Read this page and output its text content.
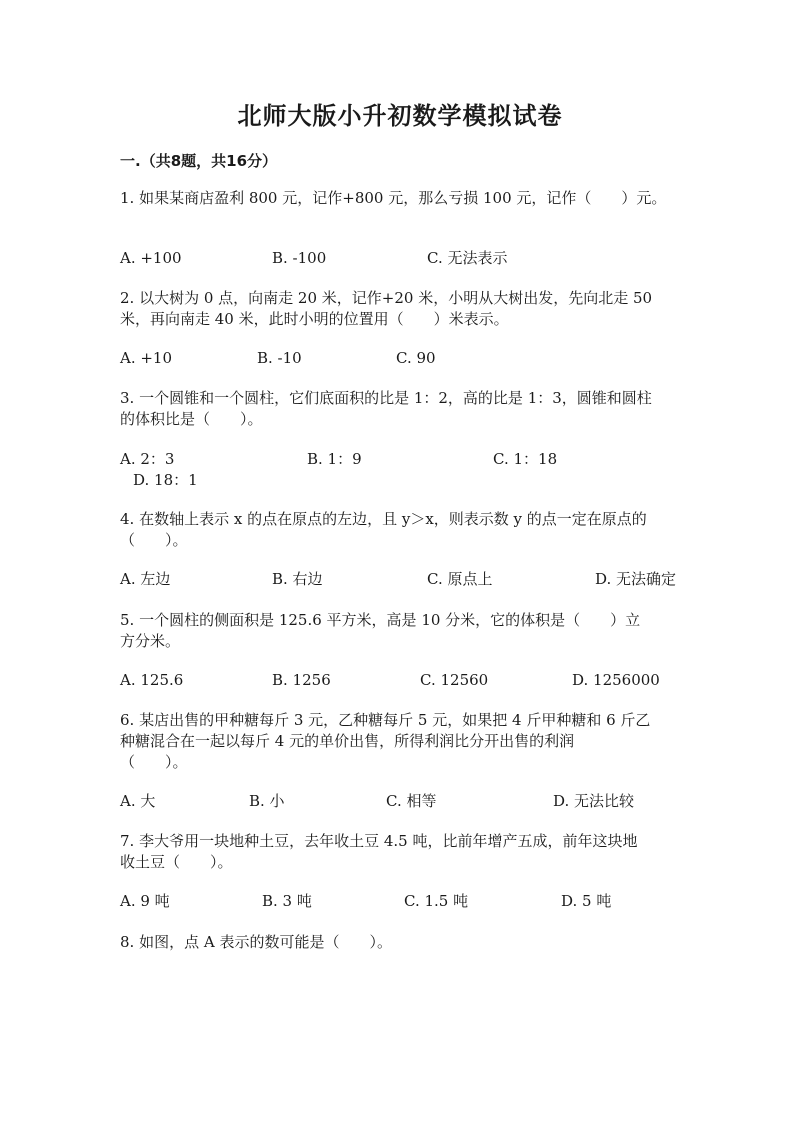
北师大版小升初数学模拟试卷
一.（共8题，共16分）
1. 如果某商店盈利 800 元，记作+800 元，那么亏损 100 元，记作（　　）元。
A. +100	B. -100	C. 无法表示
2. 以大树为 0 点，向南走 20 米，记作+20 米，小明从大树出发，先向北走 50
米，再向南走 40 米，此时小明的位置用（　　）米表示。
A. +10	B. -10	C. 90
3. 一个圆锥和一个圆柱，它们底面积的比是 1：2，高的比是 1：3，圆锥和圆柱
的体积比是（　　）。
A. 2：3	B. 1：9	C. 1：18
D. 18：1
4. 在数轴上表示 x 的点在原点的左边，且 y＞x，则表示数 y 的点一定在原点的
（　　）。
A. 左边	B. 右边	C. 原点上	D. 无法确定
5. 一个圆柱的侧面积是 125.6 平方米，高是 10 分米，它的体积是（　　）立
方分米。
A. 125.6	B. 1256	C. 12560	D. 1256000
6. 某店出售的甲种糖每斤 3 元，乙种糖每斤 5 元，如果把 4 斤甲种糖和 6 斤乙
种糖混合在一起以每斤 4 元的单价出售，所得利润比分开出售的利润
（　　）。
A. 大	B. 小	C. 相等	D. 无法比较
7. 李大爷用一块地种土豆，去年收土豆 4.5 吨，比前年增产五成，前年这块地
收土豆（　　）。
A. 9 吨	B. 3 吨	C. 1.5 吨	D. 5 吨
8. 如图，点 A 表示的数可能是（　　）。
